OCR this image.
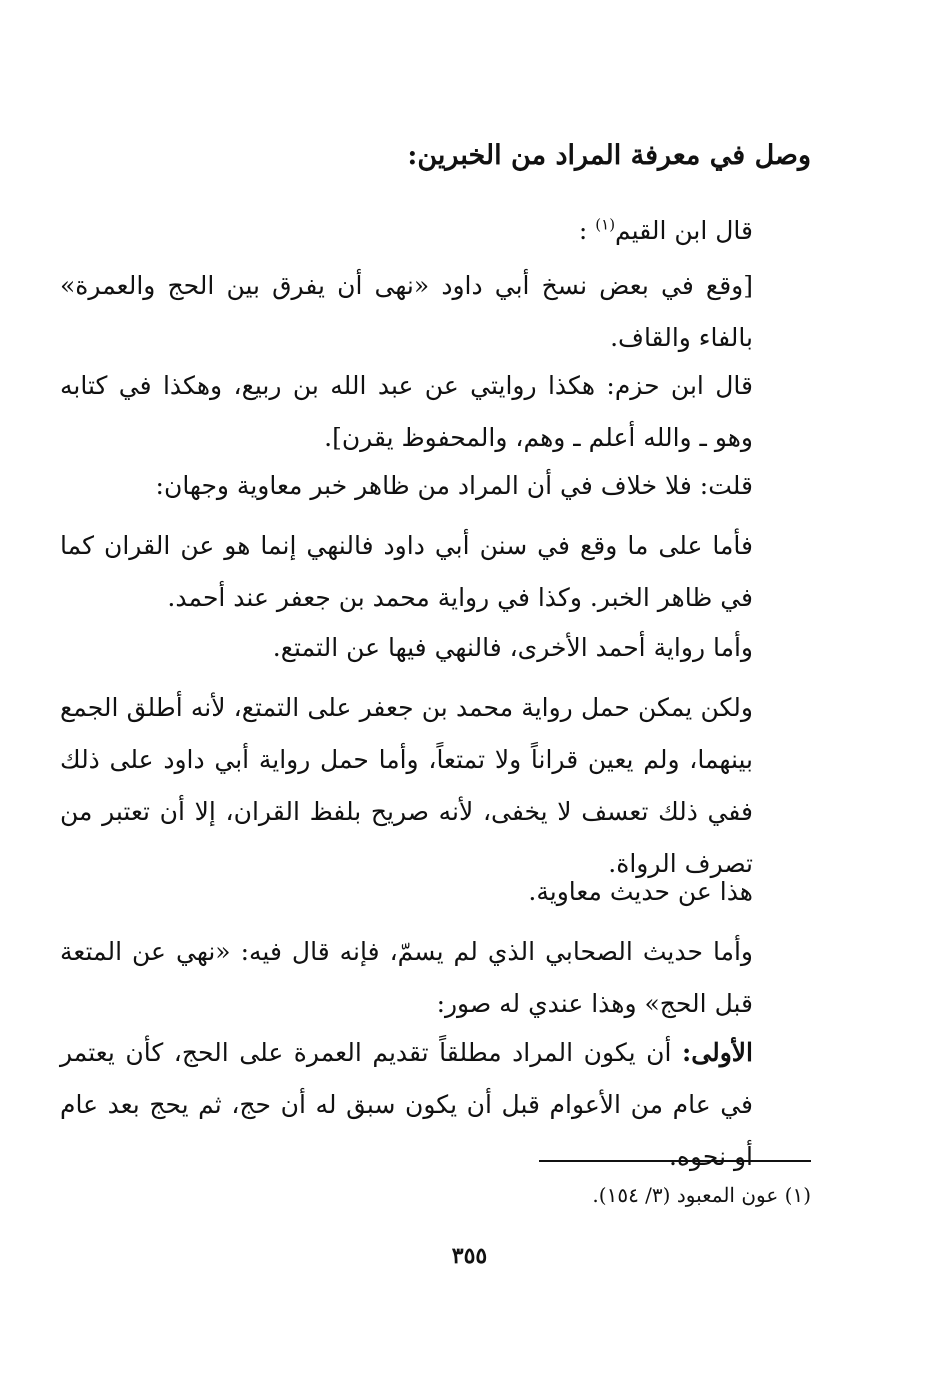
وصل في معرفة المراد من الخبرين:
قال ابن القيم$^{(١)}$ :
[وقع في بعض نسخ أبي داود «نهى أن يفرق بين الحج والعمرة» بالفاء والقاف.
قال ابن حزم: هكذا روايتي عن عبد الله بن ربيع، وهكذا في كتابه وهو ـ والله أعلم ـ وهم، والمحفوظ يقرن].
قلت: فلا خلاف في أن المراد من ظاهر خبر معاوية وجهان:
فأما على ما وقع في سنن أبي داود فالنهي إنما هو عن القران كما في ظاهر الخبر. وكذا في رواية محمد بن جعفر عند أحمد.
وأما رواية أحمد الأخرى، فالنهي فيها عن التمتع.
ولكن يمكن حمل رواية محمد بن جعفر على التمتع، لأنه أطلق الجمع بينهما، ولم يعين قراناً ولا تمتعاً، وأما حمل رواية أبي داود على ذلك ففي ذلك تعسف لا يخفى، لأنه صريح بلفظ القران، إلا أن تعتبر من تصرف الرواة.
هذا عن حديث معاوية.
وأما حديث الصحابي الذي لم يسمّ، فإنه قال فيه: «نهي عن المتعة قبل الحج» وهذا عندي له صور:
الأولى: أن يكون المراد مطلقاً تقديم العمرة على الحج، كأن يعتمر في عام من الأعوام قبل أن يكون سبق له أن حج، ثم يحج بعد عام أو نحوه.
(١) عون المعبود (٣/ ١٥٤).
٣٥٥
